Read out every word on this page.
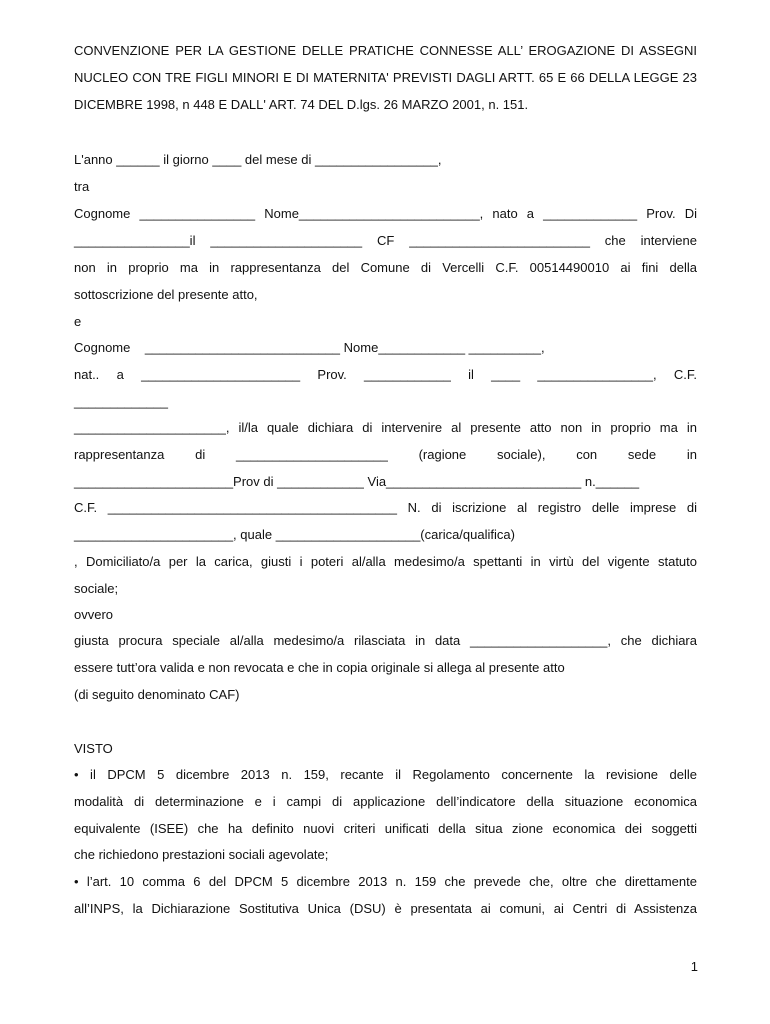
CONVENZIONE PER LA GESTIONE DELLE PRATICHE CONNESSE ALL’ EROGAZIONE DI ASSEGNI

NUCLEO CON TRE FIGLI MINORI E DI MATERNITA' PREVISTI DAGLI ARTT. 65 E 66 DELLA LEGGE 23

DICEMBRE 1998, n 448 E DALL' ART. 74 DEL D.lgs. 26 MARZO 2001, n. 151.

L'anno ______ il giorno ____ del mese di _________________,

tra

Cognome ________________ Nome_________________________, nato a _____________ Prov. Di

________________il _____________________ CF _________________________ che interviene

non in proprio ma in rappresentanza del Comune di Vercelli C.F. 00514490010 ai fini della

sottoscrizione del presente atto,

e

Cognome    ___________________________ Nome____________ __________,

nat.. a ______________________ Prov. ____________ il ____ ________________, C.F.

_____________

_____________________, il/la quale dichiara di intervenire al presente atto non in proprio ma in

rappresentanza di _____________________ (ragione sociale), con sede in

______________________Prov di ____________ Via___________________________ n.______

C.F. ________________________________________ N. di iscrizione al registro delle imprese di

______________________, quale ____________________(carica/qualifica)

, Domiciliato/a per la carica, giusti i poteri al/alla medesimo/a spettanti in virtù del vigente statuto

sociale;

ovvero

giusta procura speciale al/alla medesimo/a rilasciata in data ___________________, che dichiara

essere tutt’ora valida e non revocata e che in copia originale si allega al presente atto

(di seguito denominato CAF)

VISTO

• il DPCM 5 dicembre 2013 n. 159, recante il Regolamento concernente la revisione delle

modalità di determinazione e i campi di applicazione dell’indicatore della situazione economica

equivalente (ISEE) che ha definito nuovi criteri unificati della situa zione economica dei soggetti

che richiedono prestazioni sociali agevolate;

• l’art. 10 comma 6 del DPCM 5 dicembre 2013 n. 159 che prevede che, oltre che direttamente

all’INPS, la Dichiarazione Sostitutiva Unica (DSU) è presentata ai comuni, ai Centri di Assistenza

1
